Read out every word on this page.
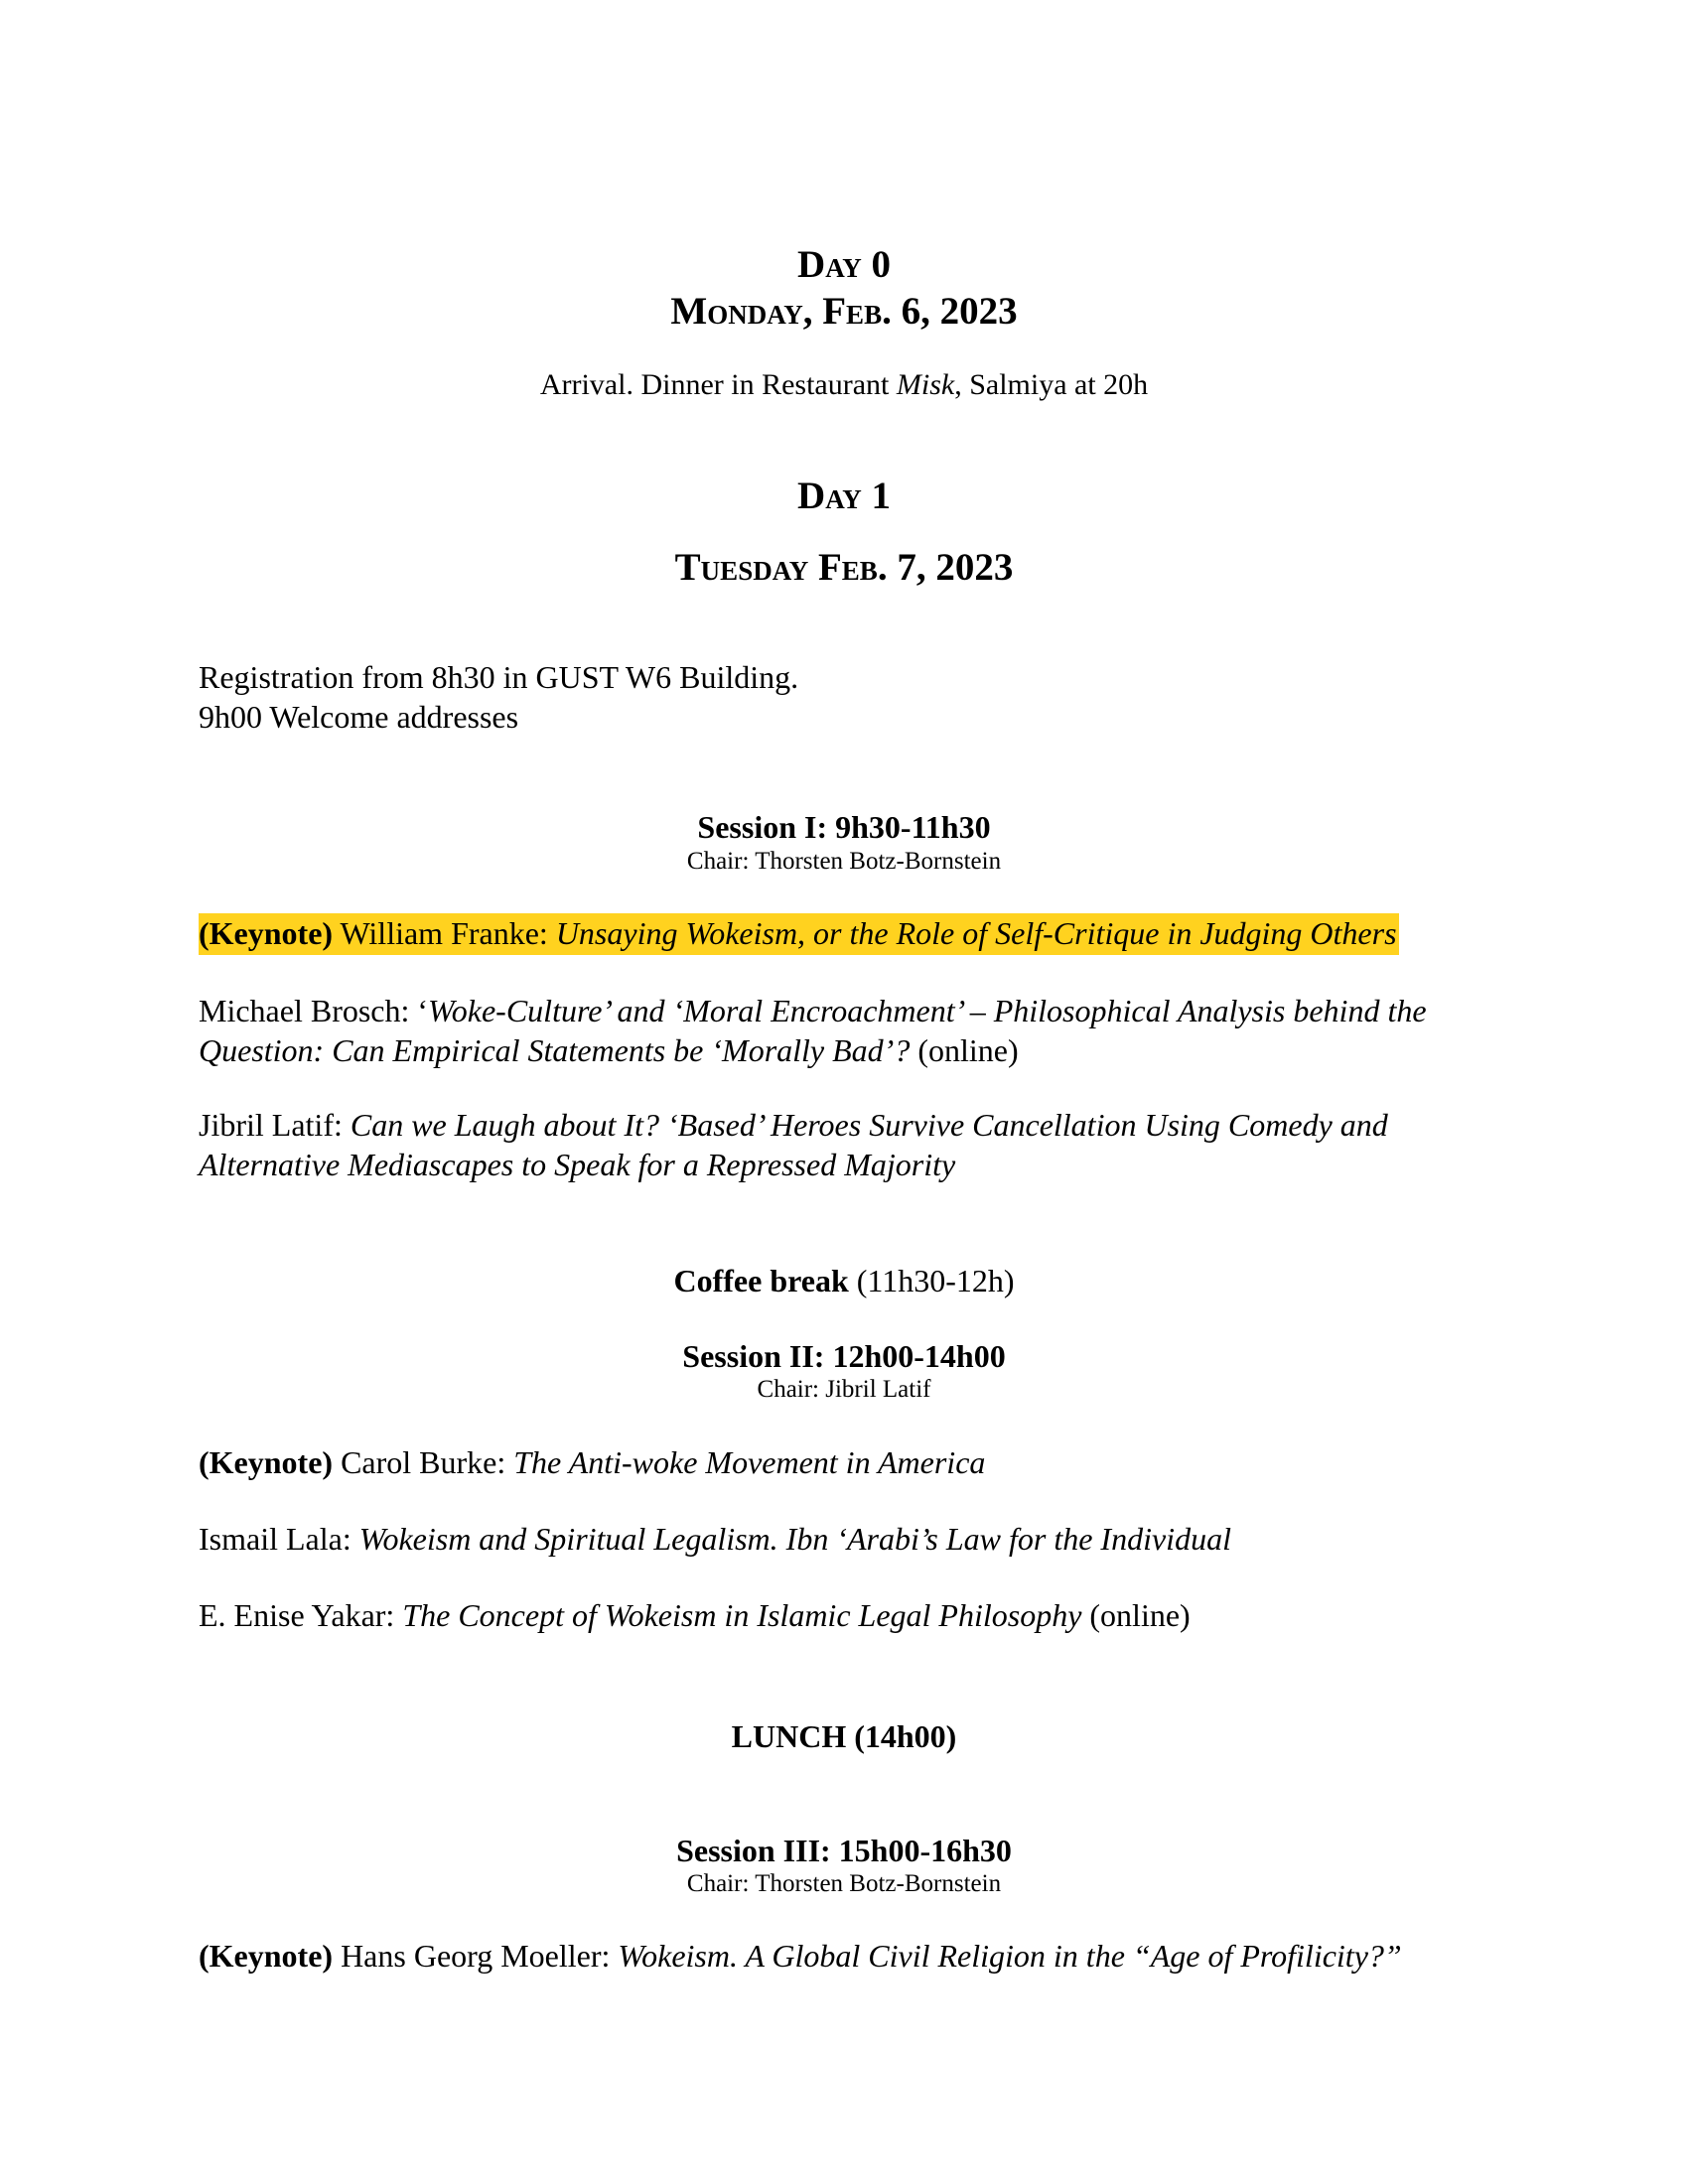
Day 0
Monday, Feb. 6, 2023
Arrival. Dinner in Restaurant Misk, Salmiya at 20h
Day 1
Tuesday Feb. 7, 2023

Registration from 8h30 in GUST W6 Building.

9h00 Welcome addresses

Session I: 9h30-11h30
Chair: Thorsten Botz-Bornstein
(Keynote) William Franke: Unsaying Wokeism, or the Role of Self-Critique in Judging Others
Michael Brosch: ‘Woke-Culture’ and ‘Moral Encroachment’ – Philosophical Analysis behind the Question: Can Empirical Statements be ‘Morally Bad’? (online)
Jibril Latif: Can we Laugh about It? ‘Based’ Heroes Survive Cancellation Using Comedy and Alternative Mediascapes to Speak for a Repressed Majority
Coffee break (11h30-12h)
Session II: 12h00-14h00
Chair: Jibril Latif
(Keynote) Carol Burke: The Anti-woke Movement in America
Ismail Lala: Wokeism and Spiritual Legalism. Ibn ‘Arabi’s Law for the Individual
E. Enise Yakar: The Concept of Wokeism in Islamic Legal Philosophy (online)
LUNCH (14h00)
Session III: 15h00-16h30
Chair: Thorsten Botz-Bornstein
(Keynote) Hans Georg Moeller: Wokeism. A Global Civil Religion in the “Age of Profilicity?”
